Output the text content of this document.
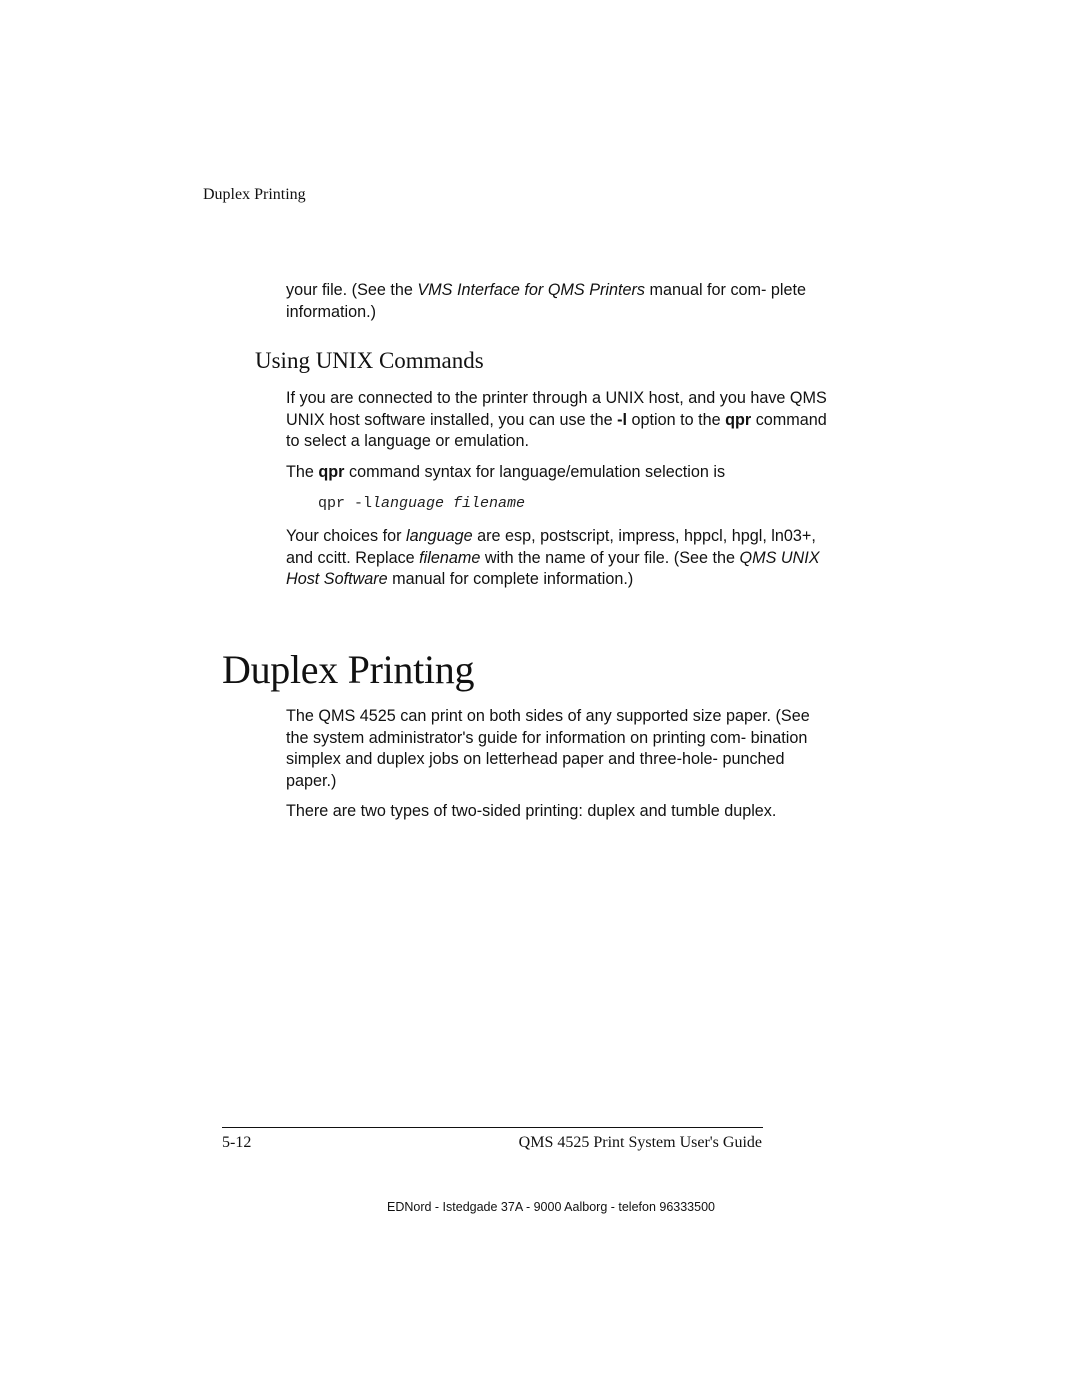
Duplex Printing

your file. (See the VMS Interface for QMS Printers manual for com- plete information.)

Using UNIX Commands

If you are connected to the printer through a UNIX host, and you have QMS UNIX host software installed, you can use the -l option to the qpr command to select a language or emulation.

The qpr command syntax for language/emulation selection is

qpr -llanguage filename

Your choices for language are esp, postscript, impress, hppcl, hpgl, ln03+, and ccitt. Replace filename with the name of your file. (See the QMS UNIX Host Software manual for complete information.)

Duplex Printing

The QMS 4525 can print on both sides of any supported size paper. (See the system administrator's guide for information on printing com- bination simplex and duplex jobs on letterhead paper and three-hole- punched paper.)

There are two types of two-sided printing: duplex and tumble duplex.

5-12	QMS 4525 Print System User's Guide
EDNord - Istedgade 37A - 9000 Aalborg - telefon 96333500
